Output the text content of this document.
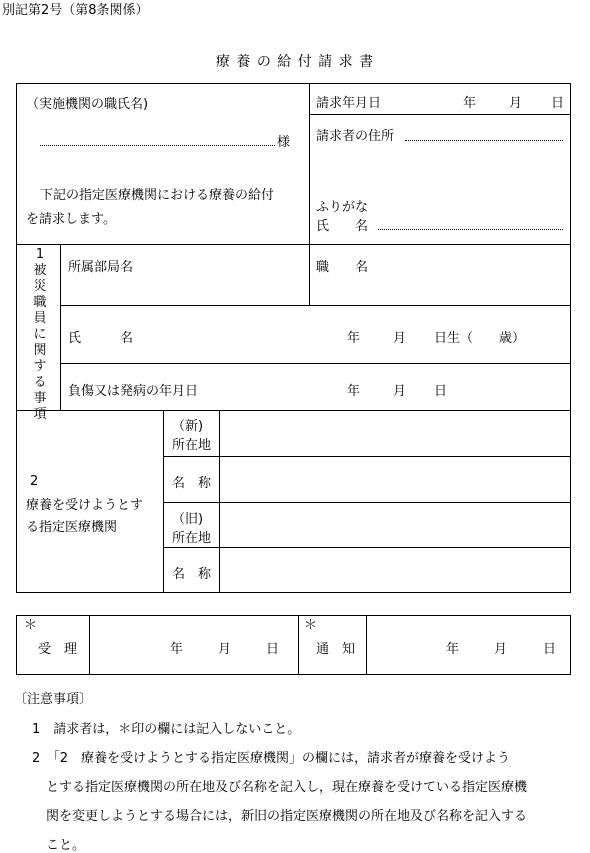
別記第2号（第8条関係）
療 養 の 給 付 請 求 書
（実施機関の職氏名)
様
下記の指定医療機関における療養の給付
を請求します。
請求年月日	年	月 日
請求者の住所
ふりがな
氏　　名
1
被
災
職
員
に
関
す
る
事
項
所属部局名	職　　名
氏　　　名	年	月 日生（　　歳）
負傷又は発病の年月日	年	月 日
2
療養を受けようとす
る指定医療機関
（新)
所在地
名　称
（旧)
所在地
名　称
＊
受　理	年	月	日
＊
通　知	年	月	日
〔注意事項〕
1　請求者は，＊印の欄には記入しないこと。
2　「2　療養を受けようとする指定医療機関」の欄には，請求者が療養を受けよう
とする指定医療機関の所在地及び名称を記入し，現在療養を受けている指定医療機
関を変更しようとする場合には，新旧の指定医療機関の所在地及び名称を記入する
こと。
